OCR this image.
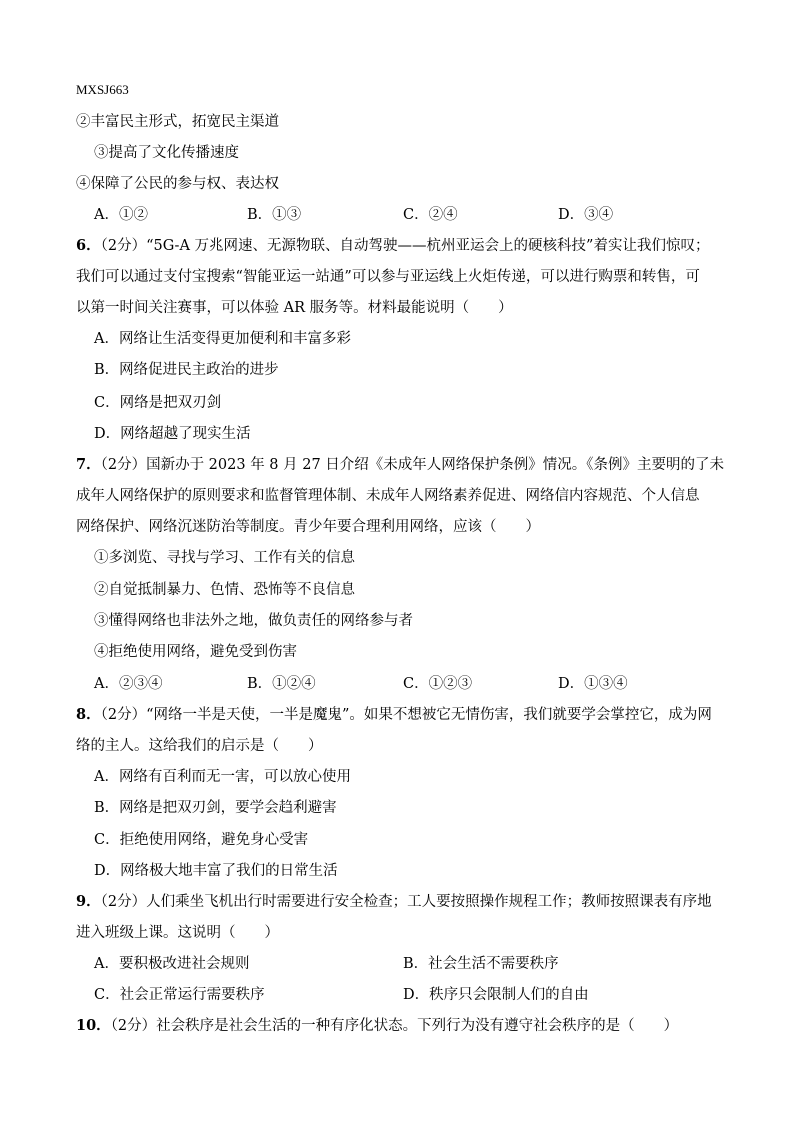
MXSJ663
②丰富民主形式，拓宽民主渠道
③提高了文化传播速度
④保障了公民的参与权、表达权
A．①②	B．①③	C．②④	D．③④
6．（2分）“5G-A 万兆网速、无源物联、自动驾驶——杭州亚运会上的硬核科技”着实让我们惊叹；
我们可以通过支付宝搜索“智能亚运一站通”可以参与亚运线上火炬传递，可以进行购票和转售，可
以第一时间关注赛事，可以体验 AR 服务等。材料最能说明（　　）
A．网络让生活变得更加便利和丰富多彩
B．网络促进民主政治的进步
C．网络是把双刃剑
D．网络超越了现实生活
7．（2分）国新办于 2023 年 8 月 27 日介绍《未成年人网络保护条例》情况。《条例》主要明的了未
成年人网络保护的原则要求和监督管理体制、未成年人网络素养促进、网络信内容规范、个人信息
网络保护、网络沉迷防治等制度。青少年要合理利用网络，应该（　　）
①多浏览、寻找与学习、工作有关的信息
②自觉抵制暴力、色情、恐怖等不良信息
③懂得网络也非法外之地，做负责任的网络参与者
④拒绝使用网络，避免受到伤害
A．②③④	B．①②④	C．①②③	D．①③④
8．（2分）“网络一半是天使，一半是魔鬼”。如果不想被它无情伤害，我们就要学会掌控它，成为网
络的主人。这给我们的启示是（　　）
A．网络有百利而无一害，可以放心使用
B．网络是把双刃剑，要学会趋利避害
C．拒绝使用网络，避免身心受害
D．网络极大地丰富了我们的日常生活
9．（2分）人们乘坐飞机出行时需要进行安全检查；工人要按照操作规程工作；教师按照课表有序地
进入班级上课。这说明（　　）
A．要积极改进社会规则	B．社会生活不需要秩序
C．社会正常运行需要秩序	D．秩序只会限制人们的自由
10．（2分）社会秩序是社会生活的一种有序化状态。下列行为没有遵守社会秩序的是（　　）
